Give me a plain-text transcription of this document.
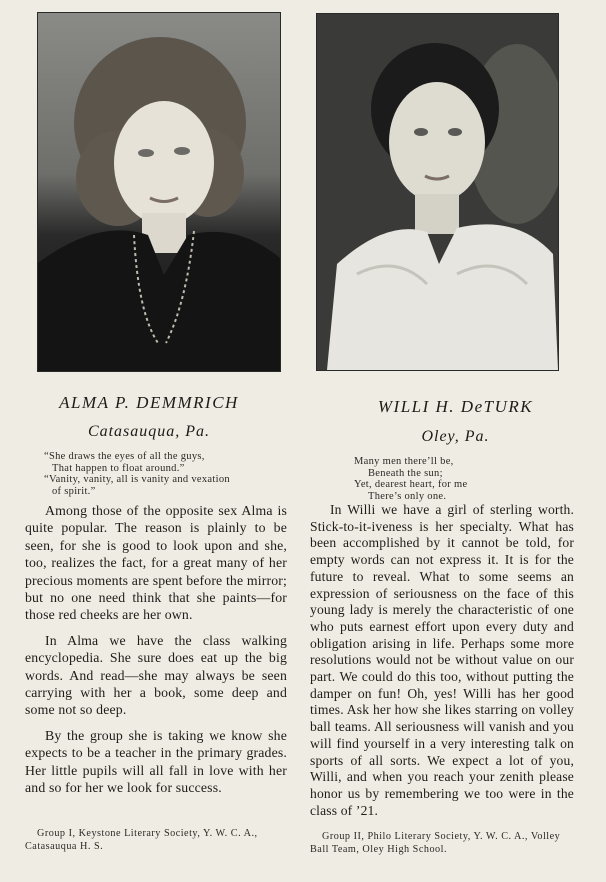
ALMA P. DEMMRICH
Catasauqua, Pa.
“She draws the eyes of all the guys,
That happen to float around.”
“Vanity, vanity, all is vanity and vexation
of spirit.”

Among those of the opposite sex Alma is quite popular. The reason is plainly to be seen, for she is good to look upon and she, too, realizes the fact, for a great many of her precious moments are spent before the mirror; but no one need think that she paints—for those red cheeks are her own.

In Alma we have the class walking encyclopedia. She sure does eat up the big words. And read—she may always be seen carrying with her a book, some deep and some not so deep.

By the group she is taking we know she expects to be a teacher in the primary grades. Her little pupils will all fall in love with her and so for her we look for success.

Group I, Keystone Literary Society, Y. W. C. A., Catasauqua H. S.
WILLI H. DeTURK
Oley, Pa.
Many men there’ll be,
Beneath the sun;
Yet, dearest heart, for me
There’s only one.

In Willi we have a girl of sterling worth. Stick-to-it-iveness is her specialty. What has been accomplished by it cannot be told, for empty words can not express it. It is for the future to reveal. What to some seems an expression of seriousness on the face of this young lady is merely the characteristic of one who puts earnest effort upon every duty and obligation arising in life. Perhaps some more resolutions would not be without value on our part. We could do this too, without putting the damper on fun! Oh, yes! Willi has her good times. Ask her how she likes starring on volley ball teams. All seriousness will vanish and you will find yourself in a very interesting talk on sports of all sorts. We expect a lot of you, Willi, and when you reach your zenith please honor us by remembering we too were in the class of ’21.

Group II, Philo Literary Society, Y. W. C. A., Volley Ball Team, Oley High School.
